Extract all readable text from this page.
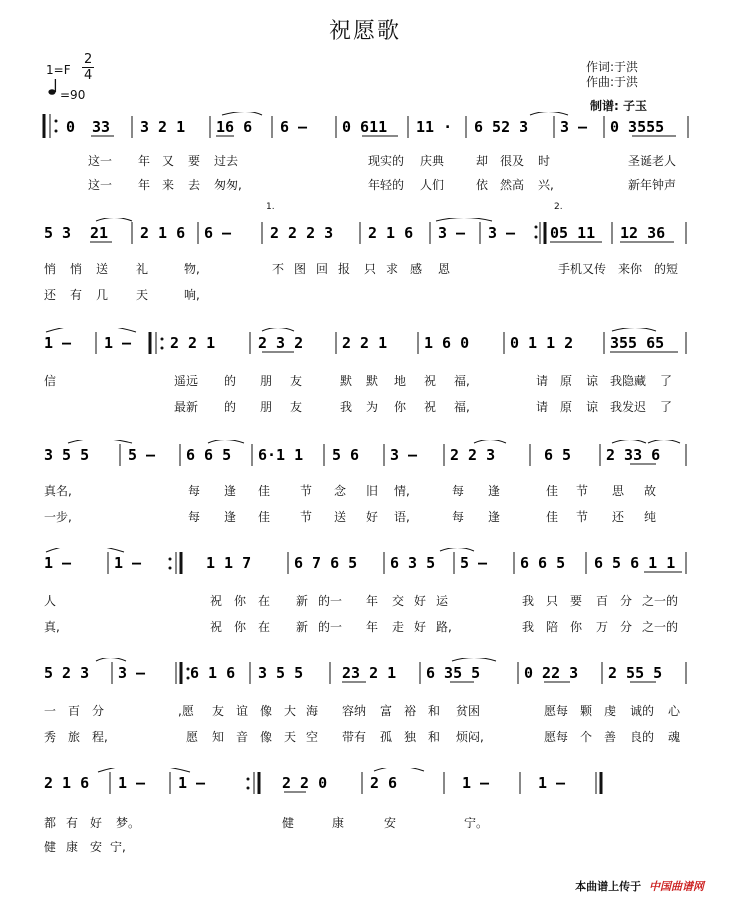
祝愿歌
1=F
2
4
=90
作词:于洪
作曲:于洪
制谱: 子玉
0 33 3 2 1 16 6 6 – 0 611 11 · 6 52 3 3 – 0 3555
这一 年 又 要 过去	现实的 庆典	却 很及 时	圣诞老人
这一 年 来 去 匆匆,	年轻的 人们	依 然高 兴,	新年钟声
1.	2.
5 3 21 2 1 6 6 –	2 2 2 3 2 1 6 3 – 3 – 05 11 12 36
悄 悄 送 礼	物,	不 图 回 报 只 求 感 恩	手机又传 来你 的短
还 有 几 天	响,
1 – 1 –	2 2 1	2 3 2	2 2 1 1 6 0	0 1 1 2 355 65
信	遥远 的 朋 友	默 默 地 祝 福,	请 原 谅 我隐藏 了
最新 的 朋 友	我 为 你 祝 福,	请 原 谅 我发迟 了
3 5 5	5 – 6 6 5 6·1 1 5 6 3 – 2 2 3	6 5 2 33 6
真名,	每 逢 佳 节 念 旧 情,	每 逢	佳 节 思 故
一步,	每 逢 佳 节 送 好 语,	每 逢	佳 节 还 纯
1 –	1 –	1 1 7	6 7 6 5 6 3 5 5 – 6 6 5 6 5 6 1 1
人	祝 你 在 新 的一 年 交 好 运	我 只 要 百 分 之一的
真,	祝 你 在 新 的一 年 走 好 路,	我 陪 你 万 分 之一的
5 2 3 3 –	6 1 6 3 5 5	23 2 1 6 35 5	0 22 3 2 55 5
一 百 分	,愿 友 谊 像 大 海 容纳 富 裕 和 贫困	愿每 颗 虔 诚的 心
秀 旅 程,	愿 知 音 像 天 空 带有 孤 独 和 烦闷,	愿每 个 善 良的 魂
2 1 6 1 – 1 –	2 2 0	2 6	1 –	1 –
都 有 好 梦。	健	康	安	宁。
健 康 安 宁,
本曲谱上传于 中国曲谱网
